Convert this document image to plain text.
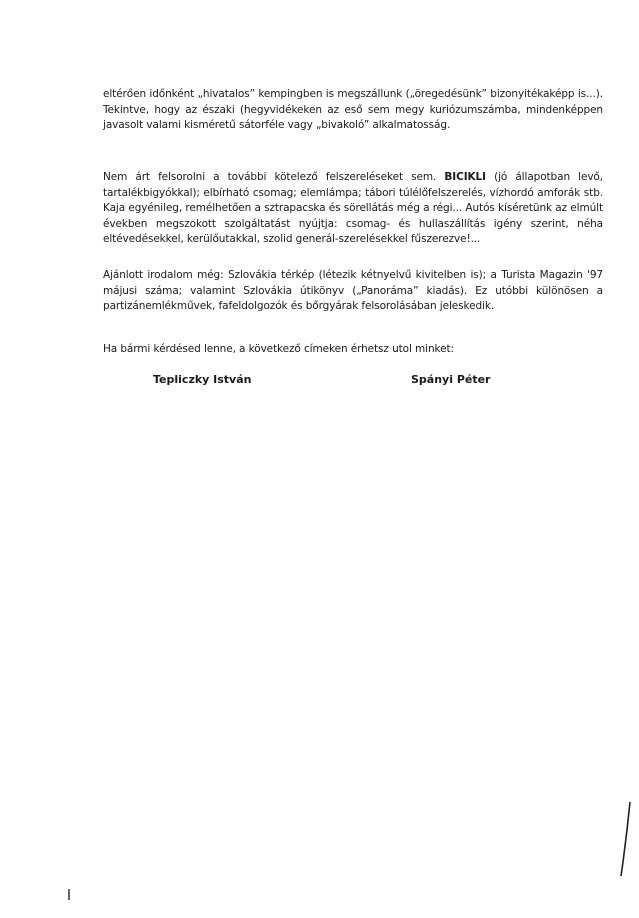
eltérően időnként „hivatalos” kempingben is megszállunk („öregedésünk” bizonyitékaképp is...). Tekintve, hogy az északi (hegyvidékeken az eső sem megy kuriózumszámba, mindenképpen javasolt valami kisméretű sátorféle vagy „bivakoló” alkalmatosság.
Nem árt felsorolni a további kötelező felszereléseket sem. BICIKLI (jó állapotban levő, tartalékbigyókkal); elbírható csomag; elemlámpa; tábori túlélőfelszerelés, vízhordó amforák stb. Kaja egyénileg, remélhetően a sztrapacska és sörellátás még a régi... Autós kíséretünk az elmúlt években megszokott szolgáltatást nyújtja: csomag- és hullaszállítás igény szerint, néha eltévedésekkel, kerülőutakkal, szolid generál-szerelésekkel fűszerezve!...
Ajánlott irodalom még: Szlovákia térkép (létezik kétnyelvű kivitelben is); a Turista Magazin '97 májusi száma; valamint Szlovákia útikönyv („Panoráma” kiadás). Ez utóbbi különösen a partizánemlékművek, fafeldolgozók és bőrgyárak felsorolásában jeleskedik.
Ha bármi kérdésed lenne, a következő címeken érhetsz utol minket:
Tepliczky István	Spányi Péter
